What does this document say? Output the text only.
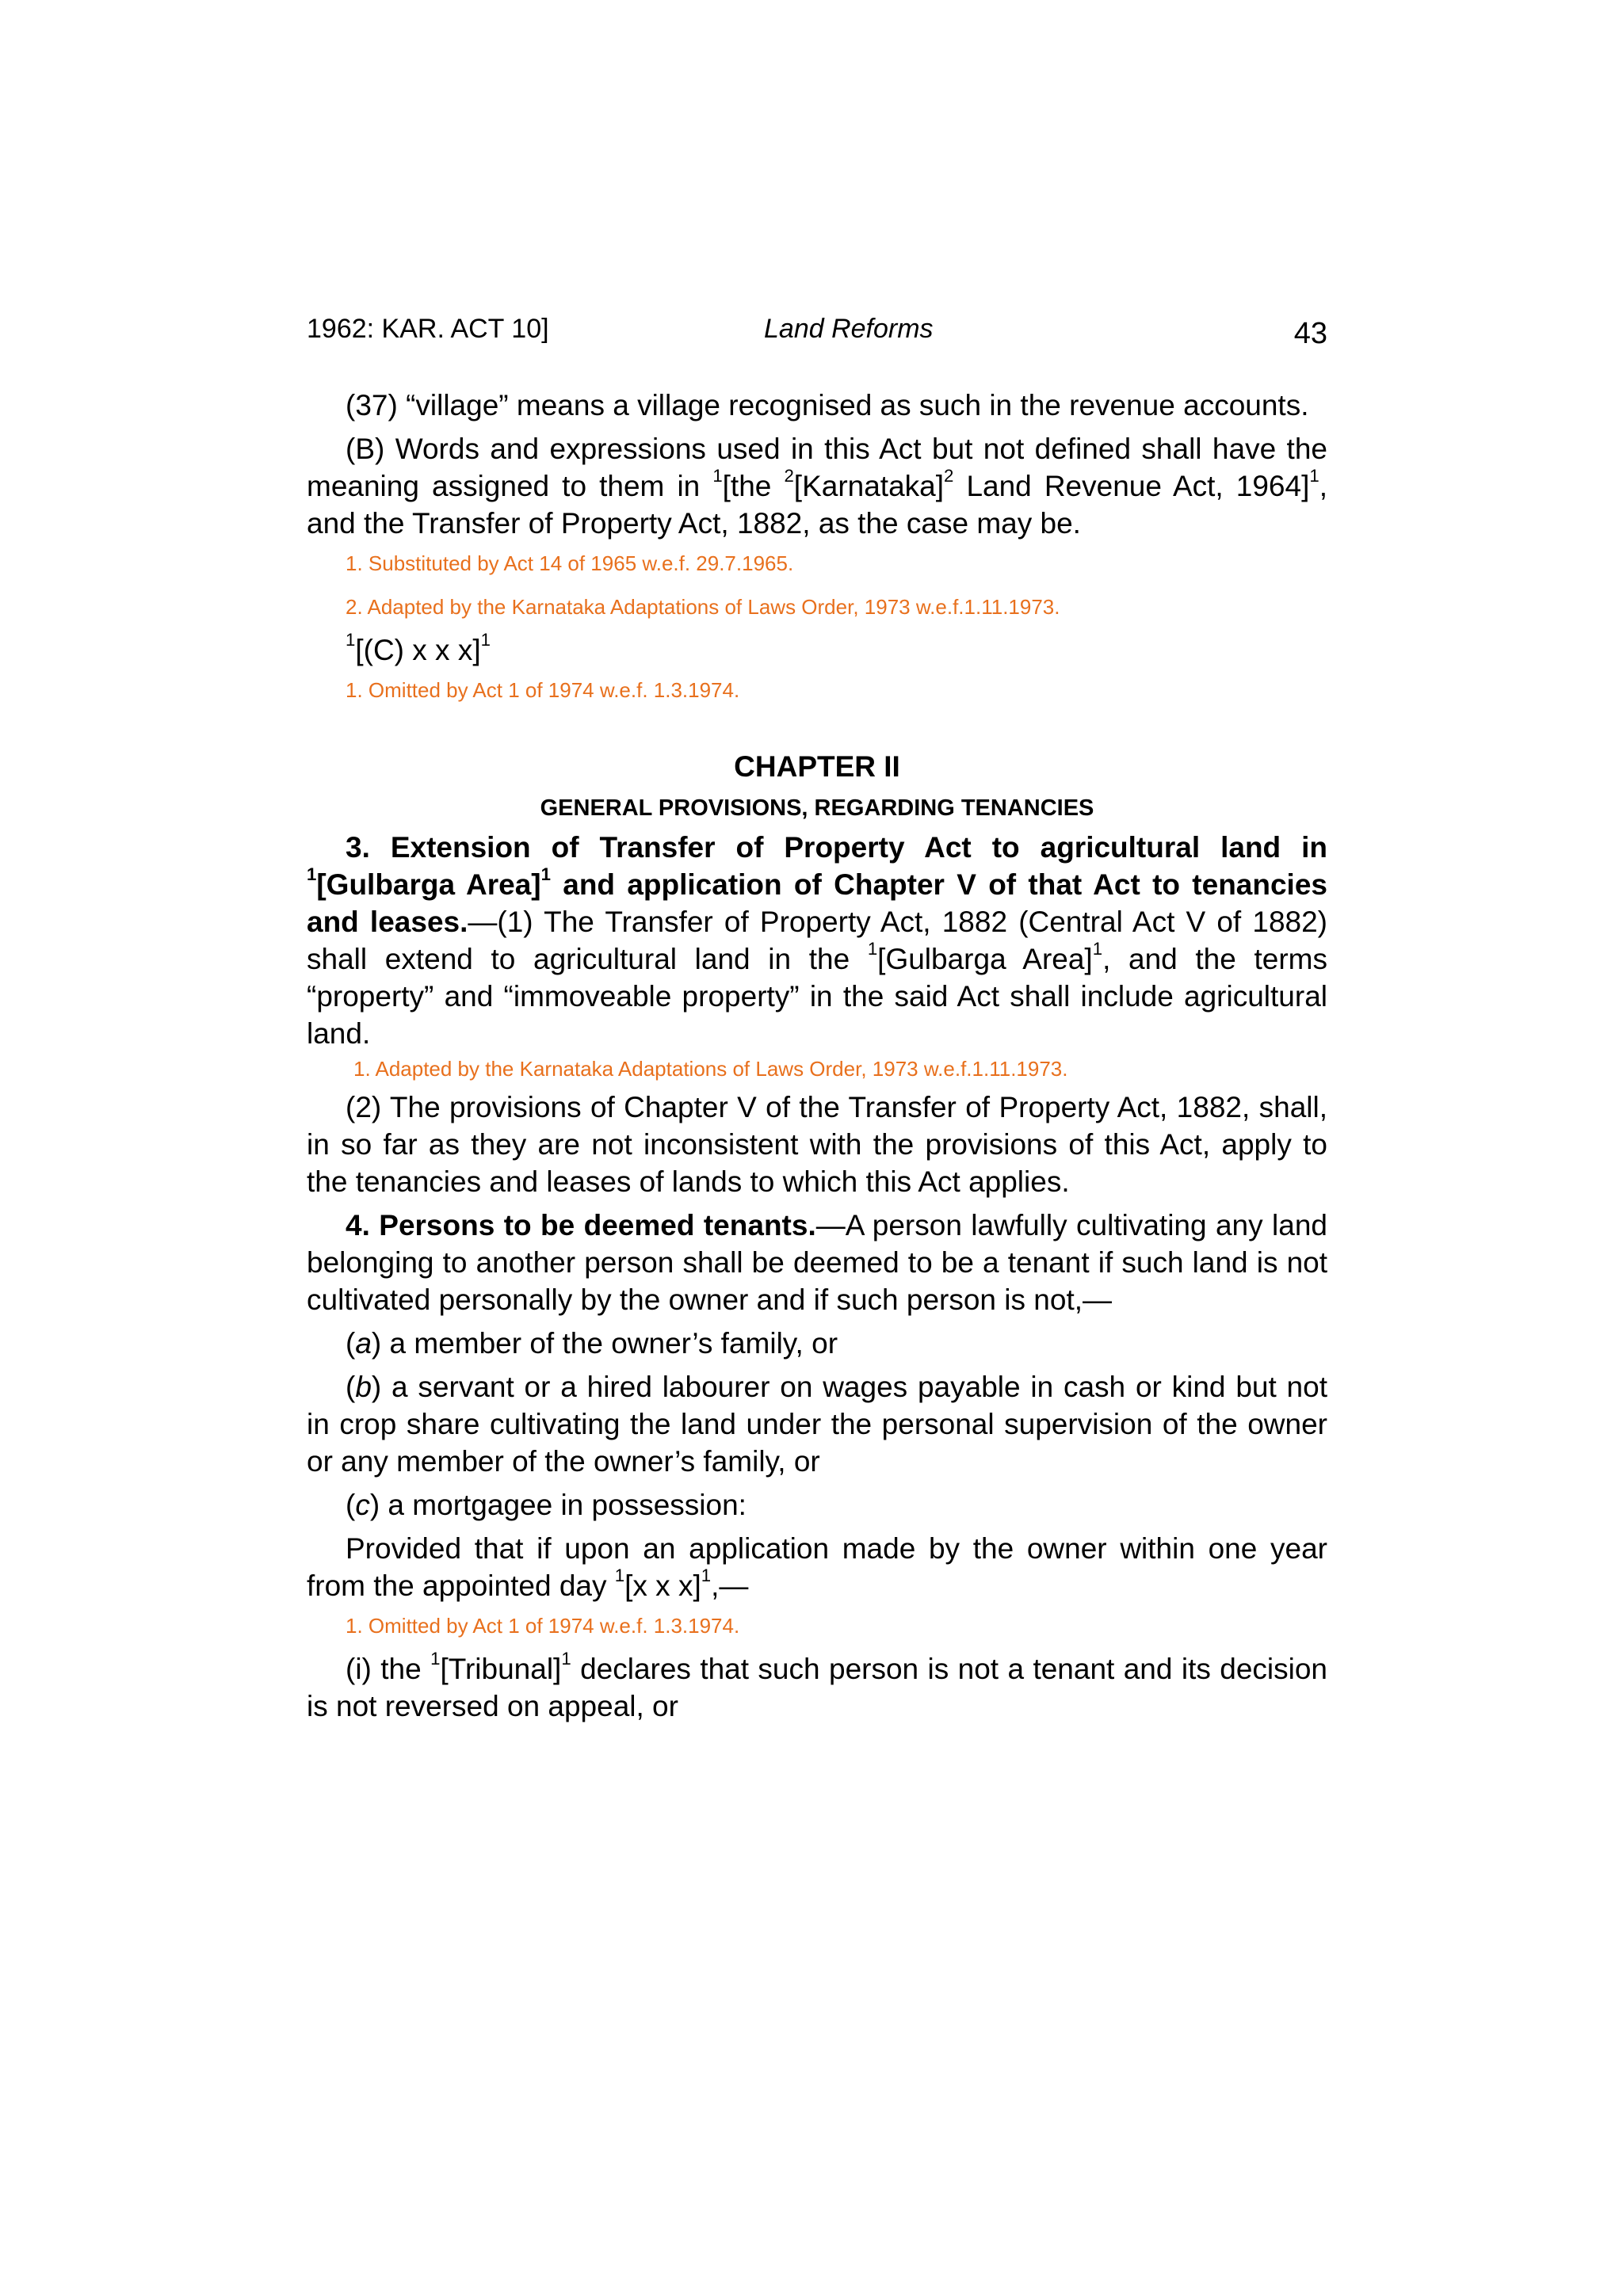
1962: KAR. ACT 10]	Land Reforms	43

(37) “village” means a village recognised as such in the revenue accounts.

(B) Words and expressions used in this Act but not defined shall have the meaning assigned to them in $^1$[the $^2$[Karnataka]$^2$ Land Revenue Act, 1964]$^1$, and the Transfer of Property Act, 1882, as the case may be.

1. Substituted by Act 14 of 1965 w.e.f. 29.7.1965.
2. Adapted by the Karnataka Adaptations of Laws Order, 1973 w.e.f.1.11.1973.

$^1$[(C) x x x]$^1$

1. Omitted by Act 1 of 1974 w.e.f. 1.3.1974.
CHAPTER II
GENERAL PROVISIONS, REGARDING TENANCIES

3. Extension of Transfer of Property Act to agricultural land in $^1$[Gulbarga Area]$^1$ and application of Chapter V of that Act to tenancies and leases.—(1) The Transfer of Property Act, 1882 (Central Act V of 1882) shall extend to agricultural land in the $^1$[Gulbarga Area]$^1$, and the terms “property” and “immoveable property” in the said Act shall include agricultural land.

1. Adapted by the Karnataka Adaptations of Laws Order, 1973 w.e.f.1.11.1973.

(2) The provisions of Chapter V of the Transfer of Property Act, 1882, shall, in so far as they are not inconsistent with the provisions of this Act, apply to the tenancies and leases of lands to which this Act applies.

4. Persons to be deemed tenants.—A person lawfully cultivating any land belonging to another person shall be deemed to be a tenant if such land is not cultivated personally by the owner and if such person is not,—

(a) a member of the owner’s family, or

(b) a servant or a hired labourer on wages payable in cash or kind but not in crop share cultivating the land under the personal supervision of the owner or any member of the owner’s family, or

(c) a mortgagee in possession:

Provided that if upon an application made by the owner within one year from the appointed day $^1$[x x x]$^1$,—

1. Omitted by Act 1 of 1974 w.e.f. 1.3.1974.

(i) the $^1$[Tribunal]$^1$ declares that such person is not a tenant and its decision is not reversed on appeal, or
